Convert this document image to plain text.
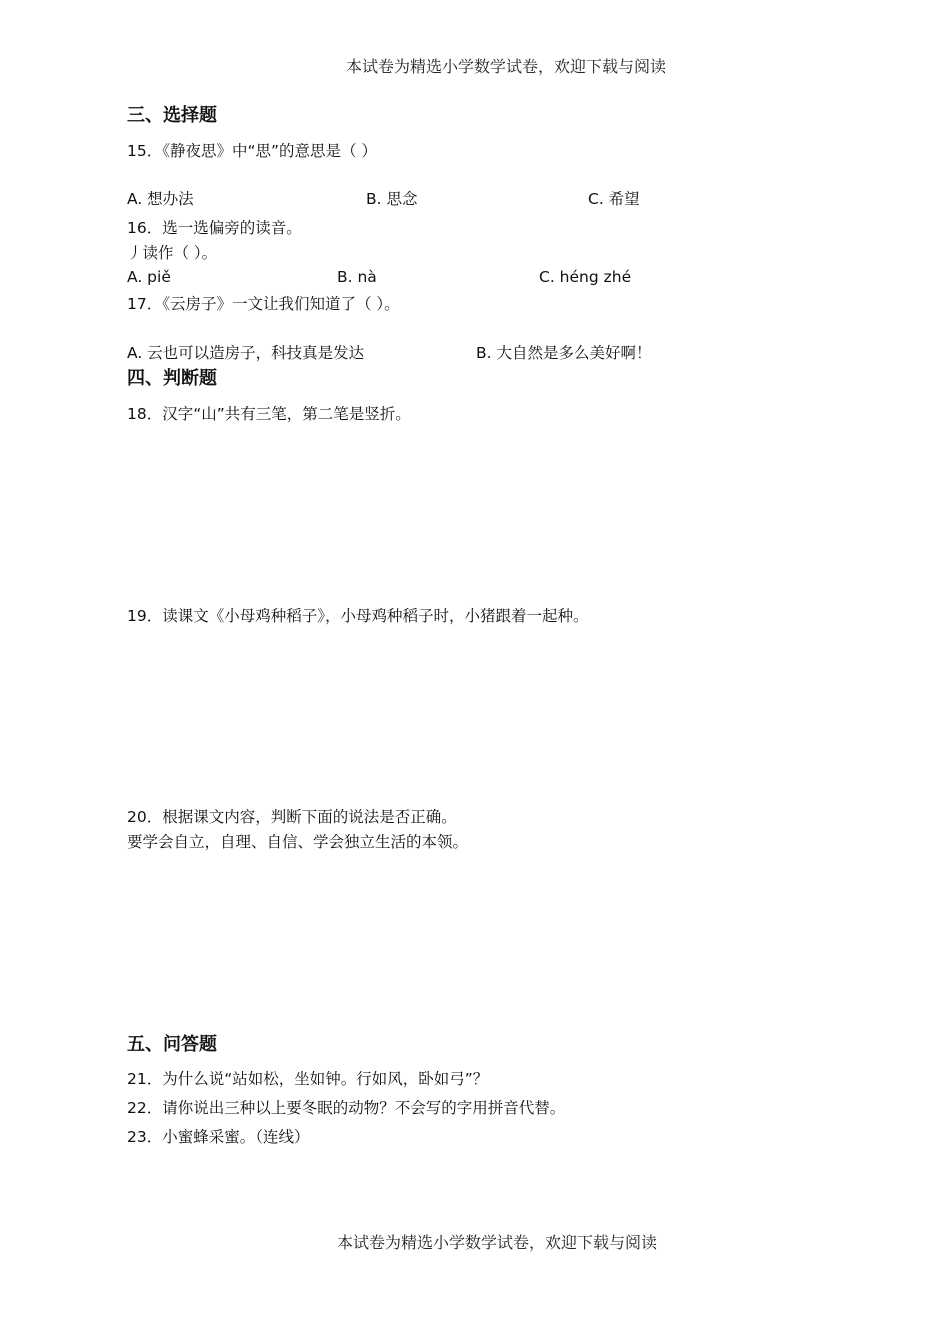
本试卷为精选小学数学试卷，欢迎下载与阅读
三、选择题
15．《静夜思》中“思”的意思是（ ）
A. 想办法	B. 思念	C. 希望
16．选一选偏旁的读音。
丿读作（ ）。
A. piě	B. nà	C. héng zhé
17．《云房子》一文让我们知道了（ ）。
A. 云也可以造房子，科技真是发达	B. 大自然是多么美好啊！
四、判断题
18．汉字“山”共有三笔，第二笔是竖折。
19．读课文《小母鸡种稻子》，小母鸡种稻子时，小猪跟着一起种。
20．根据课文内容，判断下面的说法是否正确。
要学会自立，自理、自信、学会独立生活的本领。
五、问答题
21．为什么说“站如松，坐如钟。行如风，卧如弓”？
22．请你说出三种以上要冬眠的动物？不会写的字用拼音代替。
23．小蜜蜂采蜜。（连线）
本试卷为精选小学数学试卷，欢迎下载与阅读
